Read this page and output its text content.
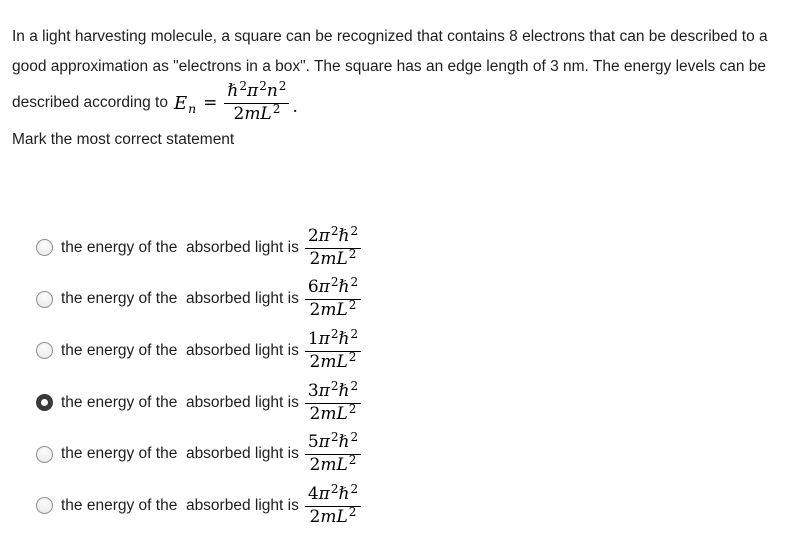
In a light harvesting molecule, a square can be recognized that contains 8 electrons that can be described to a
good approximation as "electrons in a box". The square has an edge length of 3 nm. The energy levels can be
described according to $E_n = \frac{\hbar^2\pi^2n^2}{2mL^2}$ .
Mark the most correct statement
the energy of the  absorbed light is $\frac{2\pi^2\hbar^2}{2mL^2}$
the energy of the  absorbed light is $\frac{6\pi^2\hbar^2}{2mL^2}$
the energy of the  absorbed light is $\frac{1\pi^2\hbar^2}{2mL^2}$
the energy of the  absorbed light is $\frac{3\pi^2\hbar^2}{2mL^2}$
the energy of the  absorbed light is $\frac{5\pi^2\hbar^2}{2mL^2}$
the energy of the  absorbed light is $\frac{4\pi^2\hbar^2}{2mL^2}$
